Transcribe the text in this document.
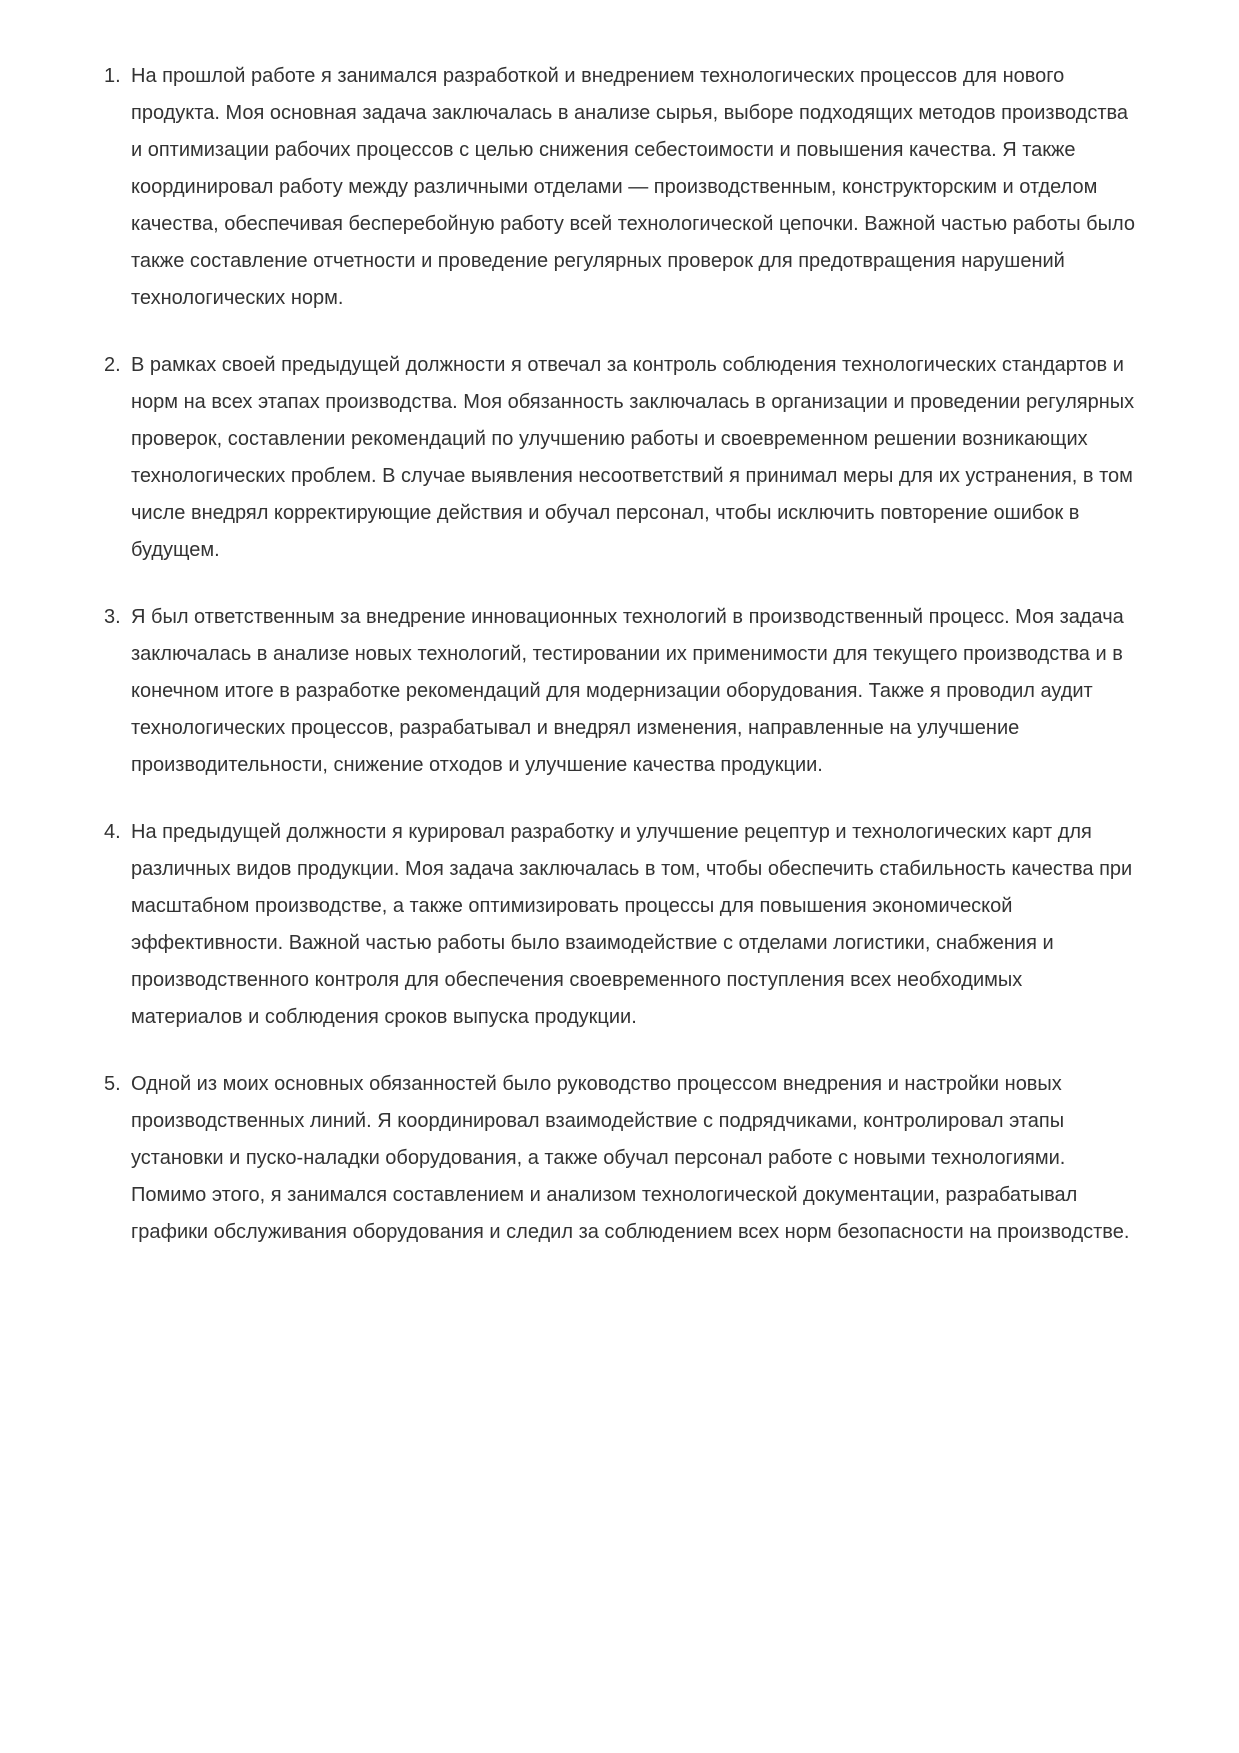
1. На прошлой работе я занимался разработкой и внедрением технологических процессов для нового продукта. Моя основная задача заключалась в анализе сырья, выборе подходящих методов производства и оптимизации рабочих процессов с целью снижения себестоимости и повышения качества. Я также координировал работу между различными отделами — производственным, конструкторским и отделом качества, обеспечивая бесперебойную работу всей технологической цепочки. Важной частью работы было также составление отчетности и проведение регулярных проверок для предотвращения нарушений технологических норм.
2. В рамках своей предыдущей должности я отвечал за контроль соблюдения технологических стандартов и норм на всех этапах производства. Моя обязанность заключалась в организации и проведении регулярных проверок, составлении рекомендаций по улучшению работы и своевременном решении возникающих технологических проблем. В случае выявления несоответствий я принимал меры для их устранения, в том числе внедрял корректирующие действия и обучал персонал, чтобы исключить повторение ошибок в будущем.
3. Я был ответственным за внедрение инновационных технологий в производственный процесс. Моя задача заключалась в анализе новых технологий, тестировании их применимости для текущего производства и в конечном итоге в разработке рекомендаций для модернизации оборудования. Также я проводил аудит технологических процессов, разрабатывал и внедрял изменения, направленные на улучшение производительности, снижение отходов и улучшение качества продукции.
4. На предыдущей должности я курировал разработку и улучшение рецептур и технологических карт для различных видов продукции. Моя задача заключалась в том, чтобы обеспечить стабильность качества при масштабном производстве, а также оптимизировать процессы для повышения экономической эффективности. Важной частью работы было взаимодействие с отделами логистики, снабжения и производственного контроля для обеспечения своевременного поступления всех необходимых материалов и соблюдения сроков выпуска продукции.
5. Одной из моих основных обязанностей было руководство процессом внедрения и настройки новых производственных линий. Я координировал взаимодействие с подрядчиками, контролировал этапы установки и пуско-наладки оборудования, а также обучал персонал работе с новыми технологиями. Помимо этого, я занимался составлением и анализом технологической документации, разрабатывал графики обслуживания оборудования и следил за соблюдением всех норм безопасности на производстве.
